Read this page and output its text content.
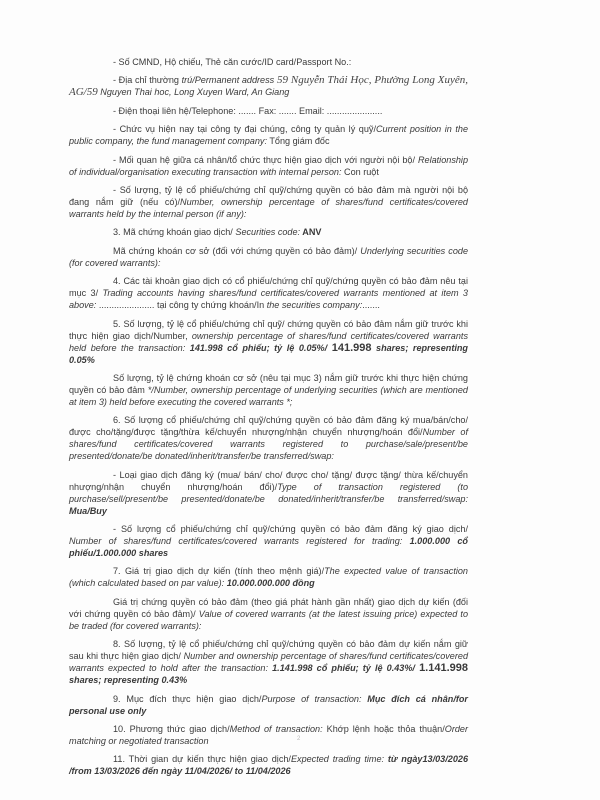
- Số CMND, Hộ chiếu, Thẻ căn cước/ID card/Passport No.:

- Địa chỉ thường trú/Permanent address 59 Nguyễn Thái Học, Phường Long Xuyên, AG/59 Nguyen Thai hoc, Long Xuyen Ward, An Giang

- Điện thoại liên hệ/Telephone: ....... Fax: ....... Email: ......................

- Chức vụ hiện nay tại công ty đại chúng, công ty quản lý quỹ/Current position in the public company, the fund management company: Tổng giám đốc

- Mối quan hệ giữa cá nhân/tổ chức thực hiện giao dịch với người nội bộ/ Relationship of individual/organisation executing transaction with internal person: Con ruột

- Số lượng, tỷ lệ cổ phiếu/chứng chỉ quỹ/chứng quyền có bảo đảm mà người nội bộ đang nắm giữ (nếu có)/Number, ownership percentage of shares/fund certificates/covered warrants held by the internal person (if any):

3. Mã chứng khoán giao dịch/ Securities code: ANV

Mã chứng khoán cơ sở (đối với chứng quyền có bảo đảm)/ Underlying securities code (for covered warrants):

4. Các tài khoản giao dịch có cổ phiếu/chứng chỉ quỹ/chứng quyền có bảo đảm nêu tại mục 3/ Trading accounts having shares/fund certificates/covered warrants mentioned at item 3 above: ...................... tại công ty chứng khoán/In the securities company:.......

5. Số lượng, tỷ lệ cổ phiếu/chứng chỉ quỹ/ chứng quyền có bảo đảm nắm giữ trước khi thực hiện giao dịch/Number, ownership percentage of shares/fund certificates/covered warrants held before the transaction: 141.998 cổ phiếu; tỷ lệ 0.05%/ 141.998 shares; representing 0.05%

Số lượng, tỷ lệ chứng khoán cơ sở (nêu tại mục 3) nắm giữ trước khi thực hiện chứng quyền có bảo đảm */Number, ownership percentage of underlying securities (which are mentioned at item 3) held before executing the covered warrants *;

6. Số lượng cổ phiếu/chứng chỉ quỹ/chứng quyền có bảo đảm đăng ký mua/bán/cho/được cho/tặng/được tặng/thừa kế/chuyển nhượng/nhận chuyển nhượng/hoán đổi/Number of shares/fund certificates/covered warrants registered to purchase/sale/present/be presented/donate/be donated/inherit/transfer/be transferred/swap:

- Loại giao dịch đăng ký (mua/ bán/ cho/ được cho/ tặng/ được tặng/ thừa kế/chuyển nhượng/nhận chuyển nhượng/hoán đổi)/Type of transaction registered (to purchase/sell/present/be presented/donate/be donated/inherit/transfer/be transferred/swap: Mua/Buy

- Số lượng cổ phiếu/chứng chỉ quỹ/chứng quyền có bảo đảm đăng ký giao dịch/ Number of shares/fund certificates/covered warrants registered for trading: 1.000.000 cổ phiếu/1.000.000 shares

7. Giá trị giao dịch dự kiến (tính theo mệnh giá)/The expected value of transaction (which calculated based on par value): 10.000.000.000 đồng

Giá trị chứng quyền có bảo đảm (theo giá phát hành gần nhất) giao dịch dự kiến (đối với chứng quyền có bảo đảm)/ Value of covered warrants (at the latest issuing price) expected to be traded (for covered warrants):

8. Số lượng, tỷ lệ cổ phiếu/chứng chỉ quỹ/chứng quyền có bảo đảm dự kiến nắm giữ sau khi thực hiện giao dịch/ Number and ownership percentage of shares/fund certificates/covered warrants expected to hold after the transaction: 1.141.998 cổ phiếu; tỷ lệ 0.43%/ 1.141.998 shares; representing 0.43%

9. Mục đích thực hiện giao dịch/Purpose of transaction: Mục đích cá nhân/for personal use only

10. Phương thức giao dịch/Method of transaction: Khớp lệnh hoặc thỏa thuận/Order matching or negotiated transaction

11. Thời gian dự kiến thực hiện giao dịch/Expected trading time: từ ngày13/03/2026 /from 13/03/2026 đến ngày 11/04/2026/ to 11/04/2026

2
